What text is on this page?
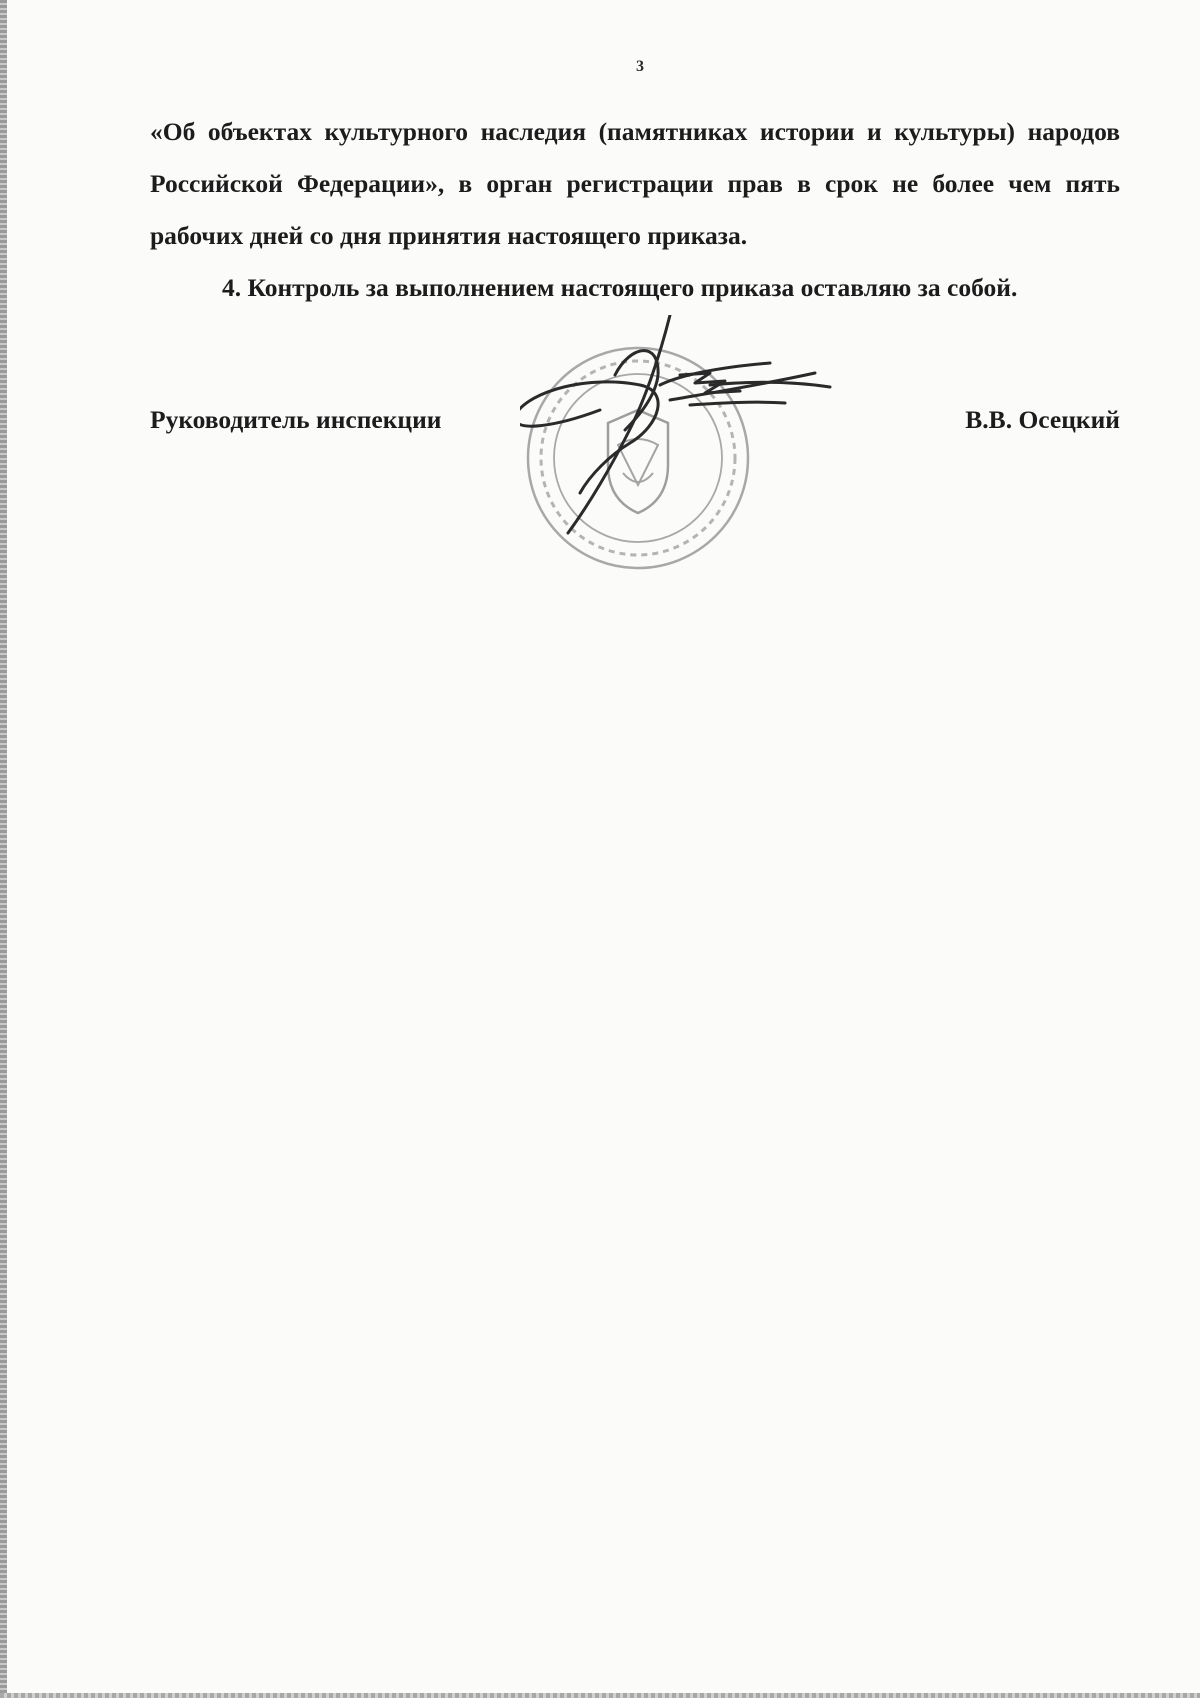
3

«Об объектах культурного наследия (памятниках истории и культуры) народов Российской Федерации», в орган регистрации прав в срок не более чем пять рабочих дней со дня принятия настоящего приказа.

4. Контроль за выполнением настоящего приказа оставляю за собой.

Руководитель инспекции	В.В. Осецкий
